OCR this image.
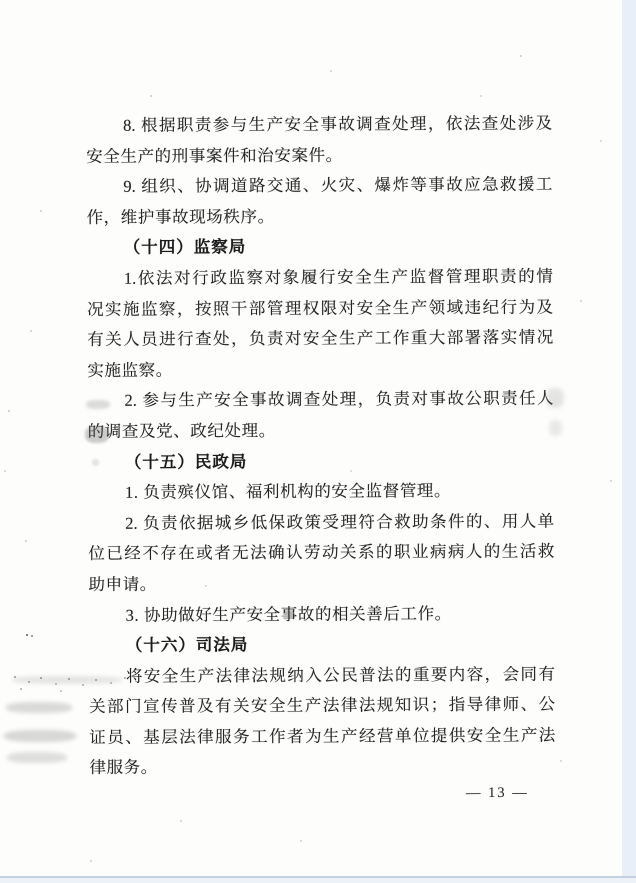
8. 根据职责参与生产安全事故调查处理，依法查处涉及
安全生产的刑事案件和治安案件。
9. 组织、协调道路交通、火灾、爆炸等事故应急救援工
作，维护事故现场秩序。
（十四）监察局
1.依法对行政监察对象履行安全生产监督管理职责的情
况实施监察，按照干部管理权限对安全生产领域违纪行为及
有关人员进行查处，负责对安全生产工作重大部署落实情况
实施监察。
2. 参与生产安全事故调查处理，负责对事故公职责任人
的调查及党、政纪处理。
（十五）民政局
1. 负责殡仪馆、福利机构的安全监督管理。
2. 负责依据城乡低保政策受理符合救助条件的、用人单
位已经不存在或者无法确认劳动关系的职业病病人的生活救
助申请。
3. 协助做好生产安全事故的相关善后工作。
（十六）司法局
将安全生产法律法规纳入公民普法的重要内容，会同有
关部门宣传普及有关安全生产法律法规知识；指导律师、公
证员、基层法律服务工作者为生产经营单位提供安全生产法
律服务。
— 13 —
